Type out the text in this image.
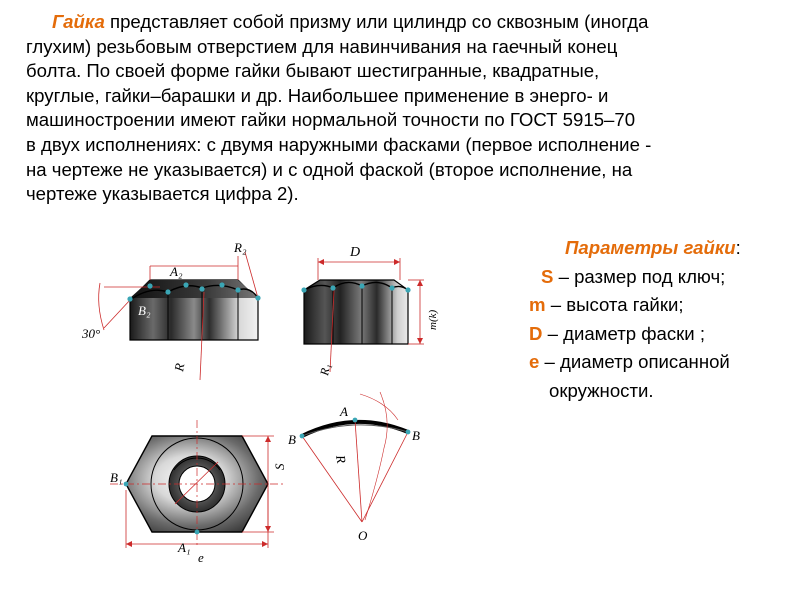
Гайка представляет собой призму или цилиндр со сквозным (иногда
глухим) резьбовым отверстием для навинчивания на гаечный конец
болта. По своей форме гайки бывают шестигранные, квадратные,
круглые, гайки–барашки и др. Наибольшее применение в энерго- и
машиностроении имеют гайки нормальной точности по ГОСТ 5915–70
в двух исполнениях: с двумя наружными фасками (первое исполнение -
на чертеже не указывается) и с одной фаской (второе исполнение, на
чертеже указывается цифра 2).
Параметры гайки:
S – размер под ключ;
m – высота гайки;
D – диаметр фаски ;
e – диаметр описанной
окружности.
R₂
A₂
B₂
30°
R
D
m(k)
R₁
B₁
A₁
S
e
A
B	B
R
O
